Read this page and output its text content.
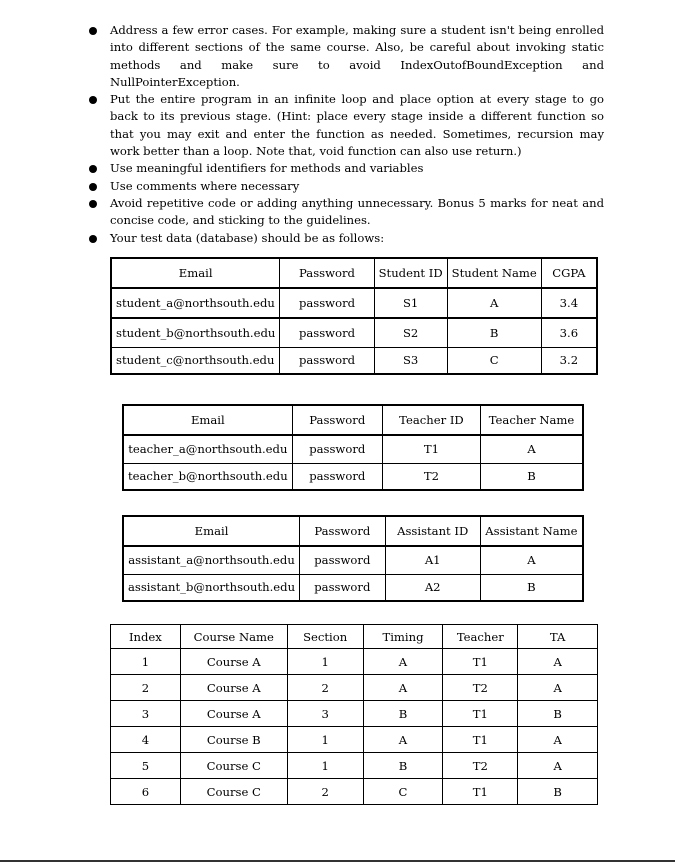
Address a few error cases. For example, making sure a student isn't being enrolled into different sections of the same course. Also, be careful about invoking static methods and make sure to avoid IndexOutofBoundException and NullPointerException.
Put the entire program in an infinite loop and place option at every stage to go back to its previous stage. (Hint: place every stage inside a different function so that you may exit and enter the function as needed. Sometimes, recursion may work better than a loop. Note that, void function can also use return.)
Use meaningful identifiers for methods and variables
Use comments where necessary
Avoid repetitive code or adding anything unnecessary. Bonus 5 marks for neat and concise code, and sticking to the guidelines.
Your test data (database) should be as follows:
Email	Password	Student ID	Student Name	CGPA
student_a@northsouth.edu	password	S1	A	3.4
student_b@northsouth.edu	password	S2	B	3.6
student_c@northsouth.edu	password	S3	C	3.2
Email	Password	Teacher ID	Teacher Name
teacher_a@northsouth.edu	password	T1	A
teacher_b@northsouth.edu	password	T2	B
Email	Password	Assistant ID	Assistant Name
assistant_a@northsouth.edu	password	A1	A
assistant_b@northsouth.edu	password	A2	B
Index	Course Name	Section	Timing	Teacher	TA
1	Course A	1	A	T1	A
2	Course A	2	A	T2	A
3	Course A	3	B	T1	B
4	Course B	1	A	T1	A
5	Course C	1	B	T2	A
6	Course C	2	C	T1	B
